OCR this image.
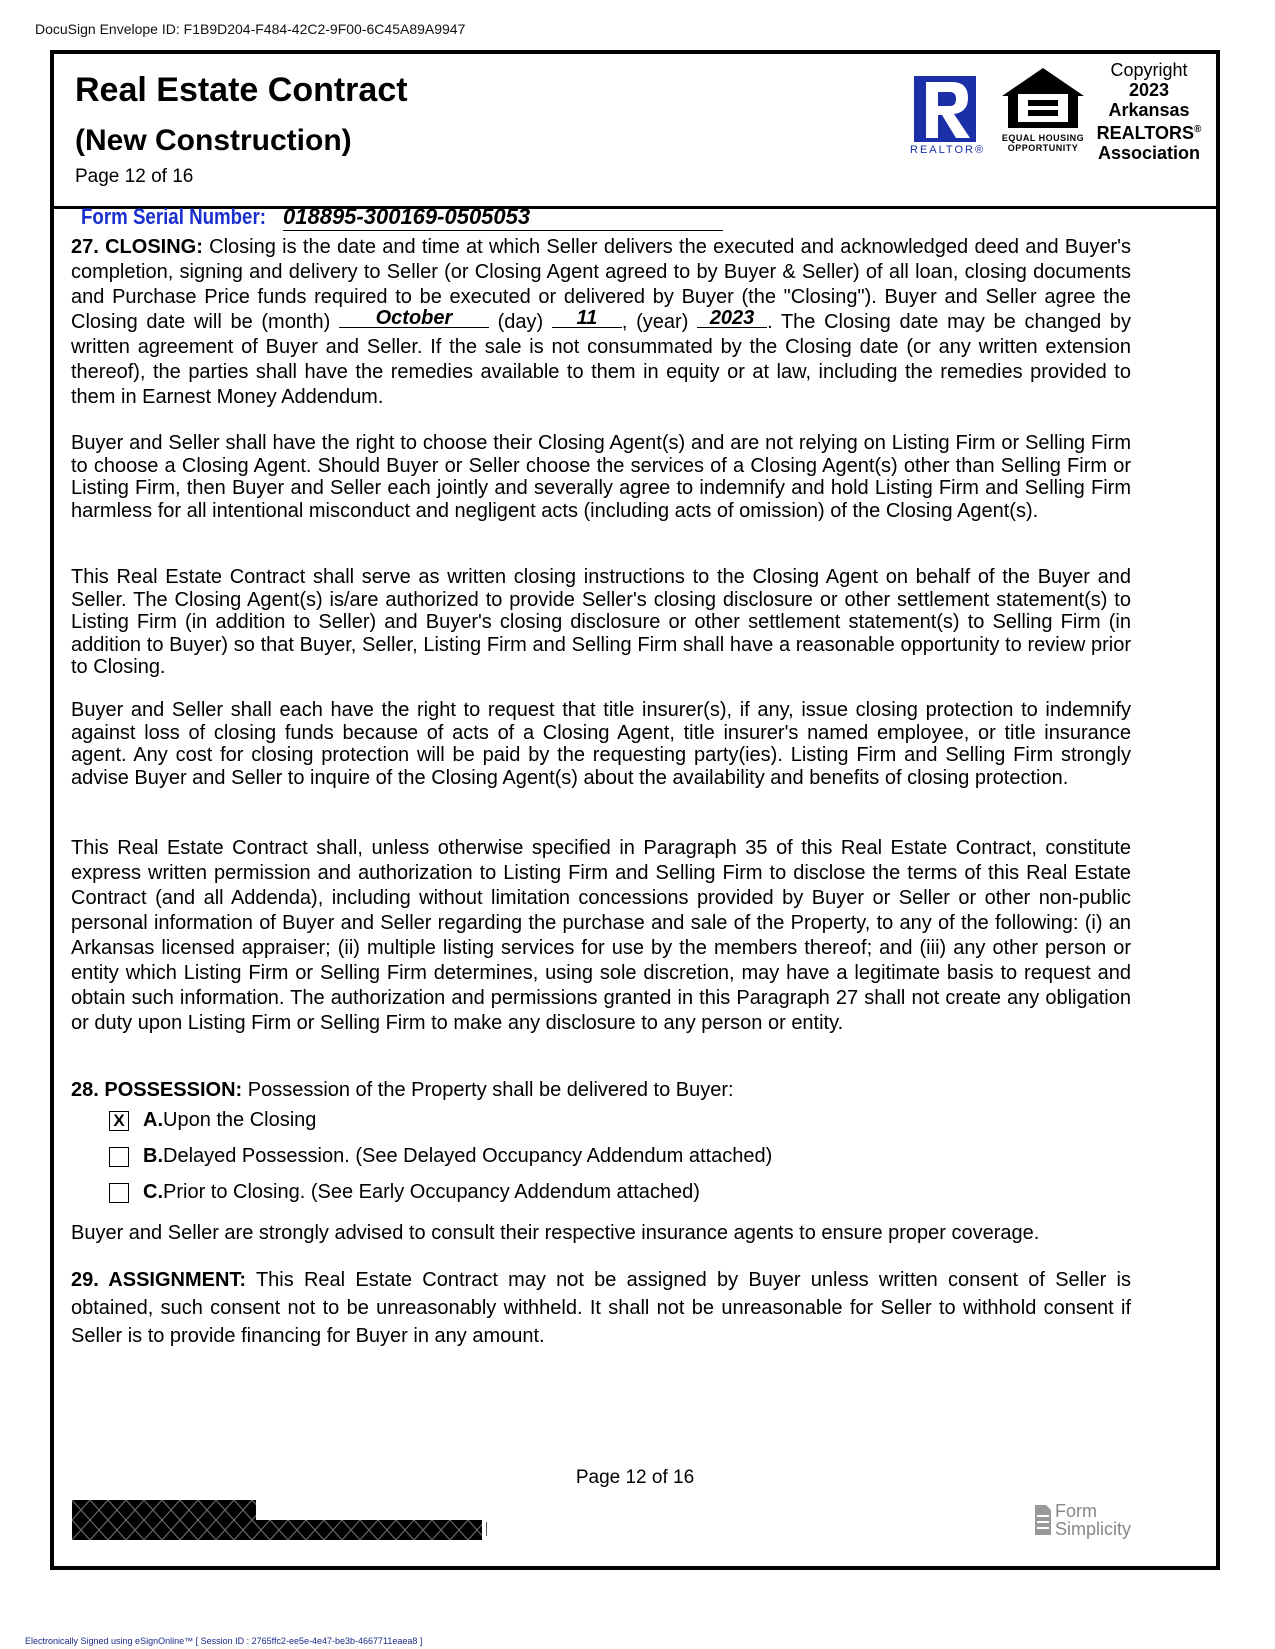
DocuSign Envelope ID: F1B9D204-F484-42C2-9F00-6C45A89A9947
Real Estate Contract
(New Construction)
Page 12 of 16
REALTOR®
EQUAL HOUSING
OPPORTUNITY
Copyright
2023
Arkansas
REALTORS®
Association
Form Serial Number: 018895-300169-0505053
27. CLOSING: Closing is the date and time at which Seller delivers the executed and acknowledged deed and Buyer's completion, signing and delivery to Seller (or Closing Agent agreed to by Buyer & Seller) of all loan, closing documents and Purchase Price funds required to be executed or delivered by Buyer (the "Closing"). Buyer and Seller agree the Closing date will be (month) October (day) 11 , (year) 2023 . The Closing date may be changed by written agreement of Buyer and Seller. If the sale is not consummated by the Closing date (or any written extension thereof), the parties shall have the remedies available to them in equity or at law, including the remedies provided to them in Earnest Money Addendum.
Buyer and Seller shall have the right to choose their Closing Agent(s) and are not relying on Listing Firm or Selling Firm to choose a Closing Agent. Should Buyer or Seller choose the services of a Closing Agent(s) other than Selling Firm or Listing Firm, then Buyer and Seller each jointly and severally agree to indemnify and hold Listing Firm and Selling Firm harmless for all intentional misconduct and negligent acts (including acts of omission) of the Closing Agent(s).
This Real Estate Contract shall serve as written closing instructions to the Closing Agent on behalf of the Buyer and Seller. The Closing Agent(s) is/are authorized to provide Seller's closing disclosure or other settlement statement(s) to Listing Firm (in addition to Seller) and Buyer's closing disclosure or other settlement statement(s) to Selling Firm (in addition to Buyer) so that Buyer, Seller, Listing Firm and Selling Firm shall have a reasonable opportunity to review prior to Closing.
Buyer and Seller shall each have the right to request that title insurer(s), if any, issue closing protection to indemnify against loss of closing funds because of acts of a Closing Agent, title insurer's named employee, or title insurance agent. Any cost for closing protection will be paid by the requesting party(ies). Listing Firm and Selling Firm strongly advise Buyer and Seller to inquire of the Closing Agent(s) about the availability and benefits of closing protection.
This Real Estate Contract shall, unless otherwise specified in Paragraph 35 of this Real Estate Contract, constitute express written permission and authorization to Listing Firm and Selling Firm to disclose the terms of this Real Estate Contract (and all Addenda), including without limitation concessions provided by Buyer or Seller or other non-public personal information of Buyer and Seller regarding the purchase and sale of the Property, to any of the following: (i) an Arkansas licensed appraiser; (ii) multiple listing services for use by the members thereof; and (iii) any other person or entity which Listing Firm or Selling Firm determines, using sole discretion, may have a legitimate basis to request and obtain such information. The authorization and permissions granted in this Paragraph 27 shall not create any obligation or duty upon Listing Firm or Selling Firm to make any disclosure to any person or entity.
28. POSSESSION: Possession of the Property shall be delivered to Buyer:
X A. Upon the Closing
B. Delayed Possession. (See Delayed Occupancy Addendum attached)
C. Prior to Closing. (See Early Occupancy Addendum attached)
Buyer and Seller are strongly advised to consult their respective insurance agents to ensure proper coverage.
29. ASSIGNMENT: This Real Estate Contract may not be assigned by Buyer unless written consent of Seller is obtained, such consent not to be unreasonably withheld. It shall not be unreasonable for Seller to withhold consent if Seller is to provide financing for Buyer in any amount.
Page 12 of 16
Form
Simplicity
Electronically Signed using eSignOnline™ [ Session ID : 2765ffc2-ee5e-4e47-be3b-4667711eaea8 ]
